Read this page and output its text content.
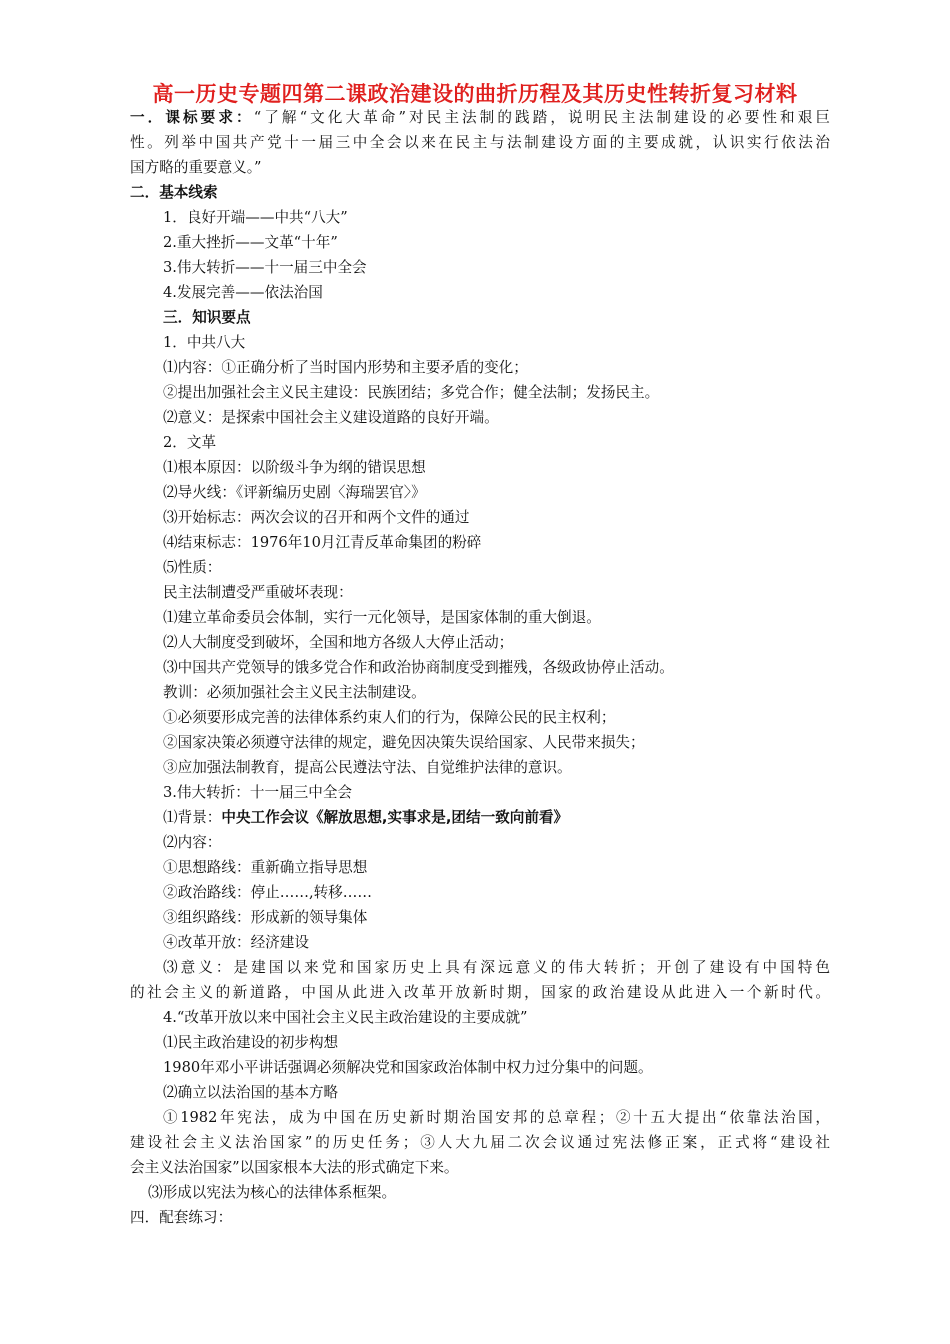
高一历史专题四第二课政治建设的曲折历程及其历史性转折复习材料

一．课标要求：“了解“文化大革命”对民主法制的践踏，说明民主法制建设的必要性和艰巨

性。列举中国共产党十一届三中全会以来在民主与法制建设方面的主要成就，认识实行依法治

国方略的重要意义。”

二．基本线索

1．良好开端——中共“八大”

2.重大挫折——文革“十年”

3.伟大转折——十一届三中全会

4.发展完善——依法治国

三．知识要点

1．中共八大

⑴内容：①正确分析了当时国内形势和主要矛盾的变化；

②提出加强社会主义民主建设：民族团结；多党合作；健全法制；发扬民主。

⑵意义：是探索中国社会主义建设道路的良好开端。

2．文革

⑴根本原因：以阶级斗争为纲的错误思想

⑵导火线：《评新编历史剧〈海瑞罢官〉》

⑶开始标志：两次会议的召开和两个文件的通过

⑷结束标志：1976年10月江青反革命集团的粉碎

⑸性质：

民主法制遭受严重破坏表现：

⑴建立革命委员会体制，实行一元化领导，是国家体制的重大倒退。

⑵人大制度受到破坏，全国和地方各级人大停止活动；

⑶中国共产党领导的饿多党合作和政治协商制度受到摧残，各级政协停止活动。

教训：必须加强社会主义民主法制建设。

①必须要形成完善的法律体系约束人们的行为，保障公民的民主权利；

②国家决策必须遵守法律的规定，避免因决策失误给国家、人民带来损失；

③应加强法制教育，提高公民遵法守法、自觉维护法律的意识。

3.伟大转折：十一届三中全会

⑴背景：中央工作会议《解放思想,实事求是,团结一致向前看》

⑵内容：

①思想路线：重新确立指导思想

②政治路线：停止……,转移……

③组织路线：形成新的领导集体

④改革开放：经济建设

⑶意义：是建国以来党和国家历史上具有深远意义的伟大转折；开创了建设有中国特色

的社会主义的新道路，中国从此进入改革开放新时期，国家的政治建设从此进入一个新时代。

4.“改革开放以来中国社会主义民主政治建设的主要成就”

⑴民主政治建设的初步构想

1980年邓小平讲话强调必须解决党和国家政治体制中权力过分集中的问题。

⑵确立以法治国的基本方略

①1982年宪法，成为中国在历史新时期治国安邦的总章程；②十五大提出“依靠法治国，

建设社会主义法治国家”的历史任务；③人大九届二次会议通过宪法修正案，正式将“建设社

会主义法治国家”以国家根本大法的形式确定下来。

⑶形成以宪法为核心的法律体系框架。

四．配套练习：
